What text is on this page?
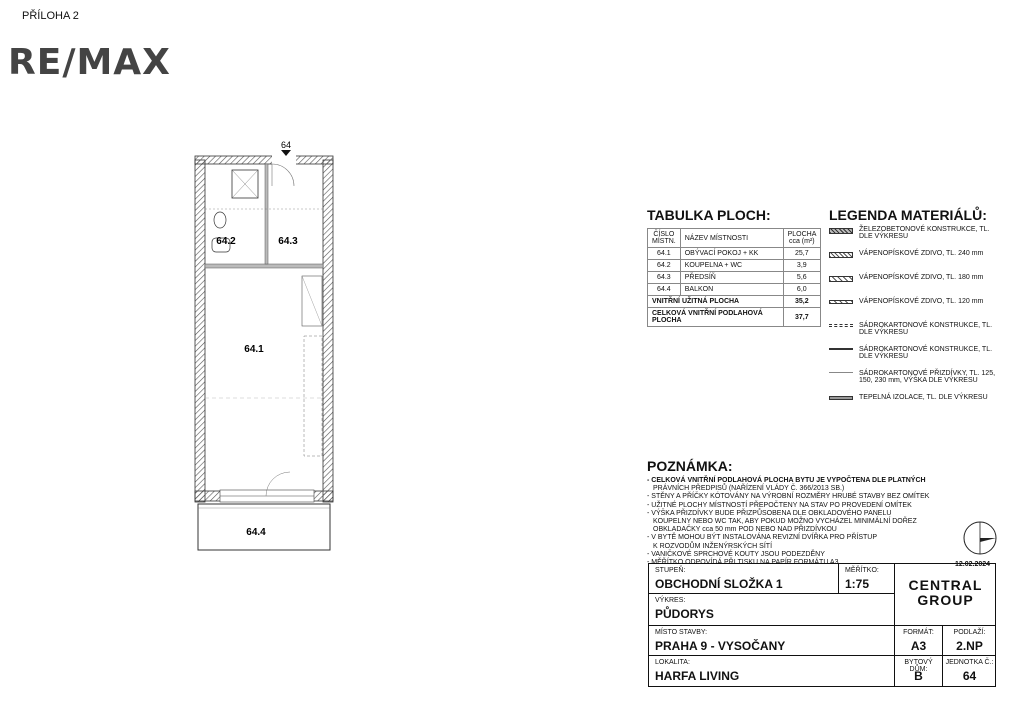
PŘÍLOHA 2
RE/MAX
64
64.2	64.3
64.1
64.4
TABULKA PLOCH:
ČÍSLO MÍSTN.	NÁZEV MÍSTNOSTI	PLOCHA cca (m²)
64.1	OBÝVACÍ POKOJ + KK	25,7
64.2	KOUPELNA + WC	3,9
64.3	PŘEDSÍŇ	5,6
64.4	BALKON	6,0
VNITŘNÍ UŽITNÁ PLOCHA		35,2
CELKOVÁ VNITŘNÍ PODLAHOVÁ PLOCHA		37,7
LEGENDA MATERIÁLŮ:
ŽELEZOBETONOVÉ KONSTRUKCE, TL. DLE VÝKRESU
VÁPENOPÍSKOVÉ ZDIVO, TL. 240 mm
VÁPENOPÍSKOVÉ ZDIVO, TL. 180 mm
VÁPENOPÍSKOVÉ ZDIVO, TL. 120 mm
SÁDROKARTONOVÉ KONSTRUKCE, TL. DLE VÝKRESU
SÁDROKARTONOVÉ KONSTRUKCE, TL. DLE VÝKRESU
SÁDROKARTONOVÉ PŘIZDÍVKY, TL. 125, 150, 230 mm, VÝŠKA DLE VÝKRESU
TEPELNÁ IZOLACE, TL. DLE VÝKRESU
POZNÁMKA:
- CELKOVÁ VNITŘNÍ PODLAHOVÁ PLOCHA BYTU JE VYPOČTENA DLE PLATNÝCH
PRÁVNÍCH PŘEDPISŮ (NAŘÍZENÍ VLÁDY Č. 366/2013 SB.)
- STĚNY A PŘÍČKY KÓTOVÁNY NA VÝROBNÍ ROZMĚRY HRUBÉ STAVBY BEZ OMÍTEK
- UŽITNÉ PLOCHY MÍSTNOSTÍ PŘEPOČTENY NA STAV PO PROVEDENÍ OMÍTEK
- VÝŠKA PŘIZDÍVKY BUDE PŘIZPŮSOBENA DLE OBKLADOVÉHO PANELU
KOUPELNY NEBO WC TAK, ABY POKUD MOŽNO VYCHÁZEL MINIMÁLNÍ DOŘEZ
OBKLADAČKY cca 50 mm POD NEBO NAD PŘIZDÍVKOU
- V BYTĚ MOHOU BÝT INSTALOVÁNA REVIZNÍ DVÍŘKA PRO PŘÍSTUP
K ROZVODŮM INŽENÝRSKÝCH SÍTÍ
- VANIČKOVÉ SPRCHOVÉ KOUTY JSOU PODEZDĚNY
- MĚŘÍTKO ODPOVÍDÁ PŘI TISKU NA PAPÍR FORMÁTU A3	12.02.2024
STUPEŇ:
OBCHODNÍ SLOŽKA 1
MĚŘÍTKO:
1:75	CENTRAL
GROUP
VÝKRES:
PŮDORYS
MÍSTO STAVBY:
PRAHA 9 - VYSOČANY
FORMÁT:
A3
PODLAŽÍ:
2.NP
LOKALITA:
HARFA LIVING
BYTOVÝ DŮM:
B
JEDNOTKA Č.:
64
